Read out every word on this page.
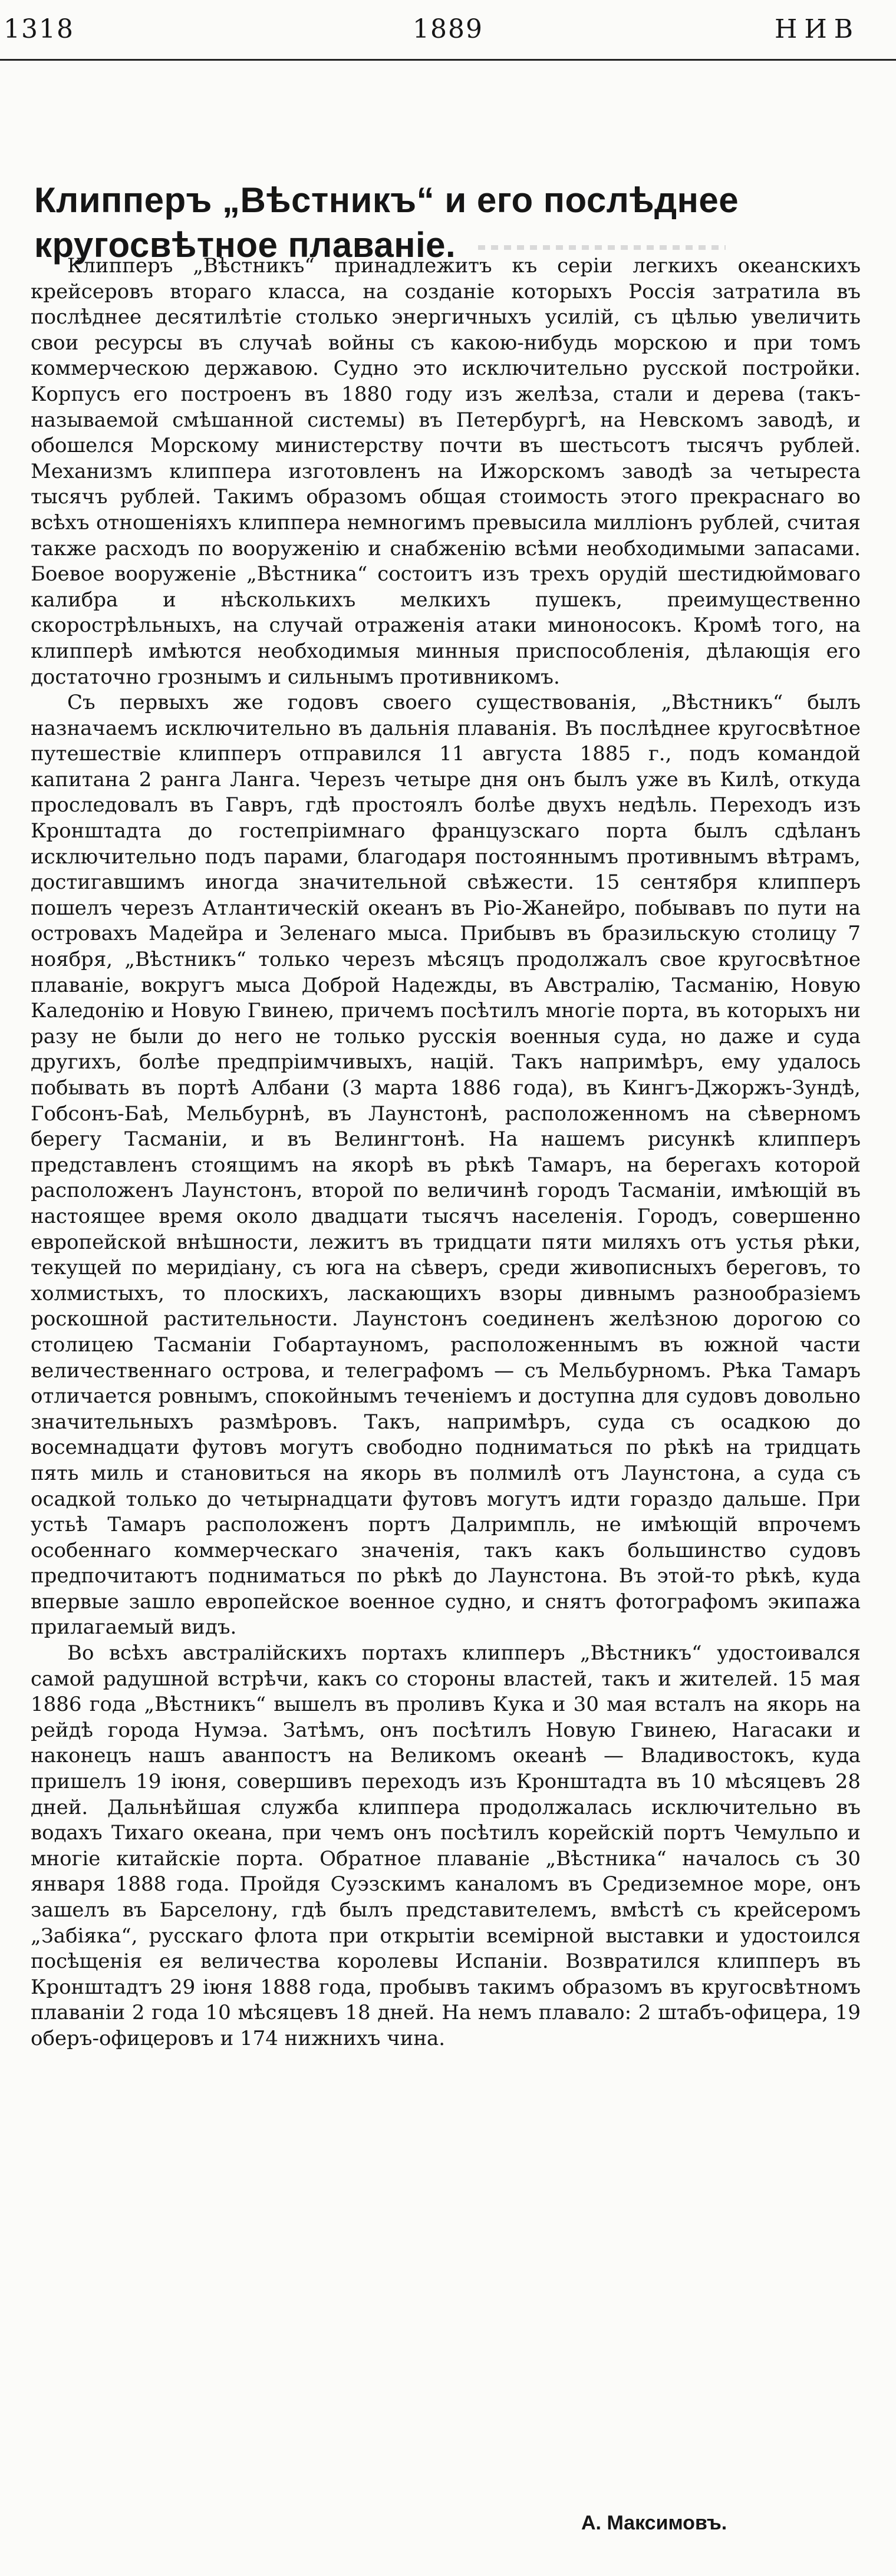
1318	1889	НИВ
Клипперъ „Вѣстникъ“ и его послѣднее кругосвѣтное плаваніе.

Клипперъ „Вѣстникъ“ принадлежитъ къ серіи легкихъ океанскихъ крейсеровъ втораго класса, на созданіе которыхъ Россія затратила въ послѣднее десятилѣтіе столько энергичныхъ усилій, съ цѣлью увеличить свои ресурсы въ случаѣ войны съ какою-нибудь морскою и при томъ коммерческою державою. Судно это исключительно русской постройки. Корпусъ его построенъ въ 1880 году изъ желѣза, стали и дерева (такъ-называемой смѣшанной системы) въ Петербургѣ, на Невскомъ заводѣ, и обошелся Морскому министерству почти въ шестьсотъ тысячъ рублей. Механизмъ клиппера изготовленъ на Ижорскомъ заводѣ за четыреста тысячъ рублей. Такимъ образомъ общая стоимость этого прекраснаго во всѣхъ отношеніяхъ клиппера немногимъ превысила милліонъ рублей, считая также расходъ по вооруженію и снабженію всѣми необходимыми запасами. Боевое вооруженіе „Вѣстника“ состоитъ изъ трехъ орудій шестидюймоваго калибра и нѣсколькихъ мелкихъ пушекъ, преимущественно скорострѣльныхъ, на случай отраженія атаки миноносокъ. Кромѣ того, на клипперѣ имѣются необходимыя минныя приспособленія, дѣлающія его достаточно грознымъ и сильнымъ противникомъ.

Съ первыхъ же годовъ своего существованія, „Вѣстникъ“ былъ назначаемъ исключительно въ дальнія плаванія. Въ послѣднее кругосвѣтное путешествіе клипперъ отправился 11 августа 1885 г., подъ командой капитана 2 ранга Ланга. Черезъ четыре дня онъ былъ уже въ Килѣ, откуда проследовалъ въ Гавръ, гдѣ простоялъ болѣе двухъ недѣль. Переходъ изъ Кронштадта до гостепріимнаго французскаго порта былъ сдѣланъ исключительно подъ парами, благодаря постояннымъ противнымъ вѣтрамъ, достигавшимъ иногда значительной свѣжести. 15 сентября клипперъ пошелъ черезъ Атлантическій океанъ въ Ріо-Жанейро, побывавъ по пути на островахъ Мадейра и Зеленаго мыса. Прибывъ въ бразильскую столицу 7 ноября, „Вѣстникъ“ только черезъ мѣсяцъ продолжалъ свое кругосвѣтное плаваніе, вокругъ мыса Доброй Надежды, въ Австралію, Тасманію, Новую Каледонію и Новую Гвинею, причемъ посѣтилъ многіе порта, въ которыхъ ни разу не были до него не только русскія военныя суда, но даже и суда другихъ, болѣе предпріимчивыхъ, націй. Такъ напримѣръ, ему удалось побывать въ портѣ Албани (3 марта 1886 года), въ Кингъ-Джоржъ-Зундѣ, Гобсонъ-Баѣ, Мельбурнѣ, въ Лаунстонѣ, расположенномъ на сѣверномъ берегу Тасманіи, и въ Велингтонѣ. На нашемъ рисункѣ клипперъ представленъ стоящимъ на якорѣ въ рѣкѣ Тамаръ, на берегахъ которой расположенъ Лаунстонъ, второй по величинѣ городъ Тасманіи, имѣющій въ настоящее время около двадцати тысячъ населенія. Городъ, совершенно европейской внѣшности, лежитъ въ тридцати пяти миляхъ отъ устья рѣки, текущей по меридіану, съ юга на сѣверъ, среди живописныхъ береговъ, то холмистыхъ, то плоскихъ, ласкающихъ взоры дивнымъ разнообразіемъ роскошной растительности. Лаунстонъ соединенъ желѣзною дорогою со столицею Тасманіи Гобартауномъ, расположеннымъ въ южной части величественнаго острова, и телеграфомъ — съ Мельбурномъ. Рѣка Тамаръ отличается ровнымъ, спокойнымъ теченіемъ и доступна для судовъ довольно значительныхъ размѣровъ. Такъ, напримѣръ, суда съ осадкою до восемнадцати футовъ могутъ свободно подниматься по рѣкѣ на тридцать пять миль и становиться на якорь въ полмилѣ отъ Лаунстона, а суда съ осадкой только до четырнадцати футовъ могутъ идти гораздо дальше. При устьѣ Тамаръ расположенъ портъ Далримпль, не имѣющій впрочемъ особеннаго коммерческаго значенія, такъ какъ большинство судовъ предпочитаютъ подниматься по рѣкѣ до Лаунстона. Въ этой-то рѣкѣ, куда впервые зашло европейское военное судно, и снятъ фотографомъ экипажа прилагаемый видъ.

Во всѣхъ австралійскихъ портахъ клипперъ „Вѣстникъ“ удостоивался самой радушной встрѣчи, какъ со стороны властей, такъ и жителей. 15 мая 1886 года „Вѣстникъ“ вышелъ въ проливъ Кука и 30 мая всталъ на якорь на рейдѣ города Нумэа. Затѣмъ, онъ посѣтилъ Новую Гвинею, Нагасаки и наконецъ нашъ аванпостъ на Великомъ океанѣ — Владивостокъ, куда пришелъ 19 іюня, совершивъ переходъ изъ Кронштадта въ 10 мѣсяцевъ 28 дней. Дальнѣйшая служба клиппера продолжалась исключительно въ водахъ Тихаго океана, при чемъ онъ посѣтилъ корейскій портъ Чемульпо и многіе китайскіе порта. Обратное плаваніе „Вѣстника“ началось съ 30 января 1888 года. Пройдя Суэзскимъ каналомъ въ Средиземное море, онъ зашелъ въ Барселону, гдѣ былъ представителемъ, вмѣстѣ съ крейсеромъ „Забіяка“, русскаго флота при открытіи всемірной выставки и удостоился посѣщенія ея величества королевы Испаніи. Возвратился клипперъ въ Кронштадтъ 29 іюня 1888 года, пробывъ такимъ образомъ въ кругосвѣтномъ плаваніи 2 года 10 мѣсяцевъ 18 дней. На немъ плавало: 2 штабъ-офицера, 19 оберъ-офицеровъ и 174 нижнихъ чина.

А. Максимовъ.
